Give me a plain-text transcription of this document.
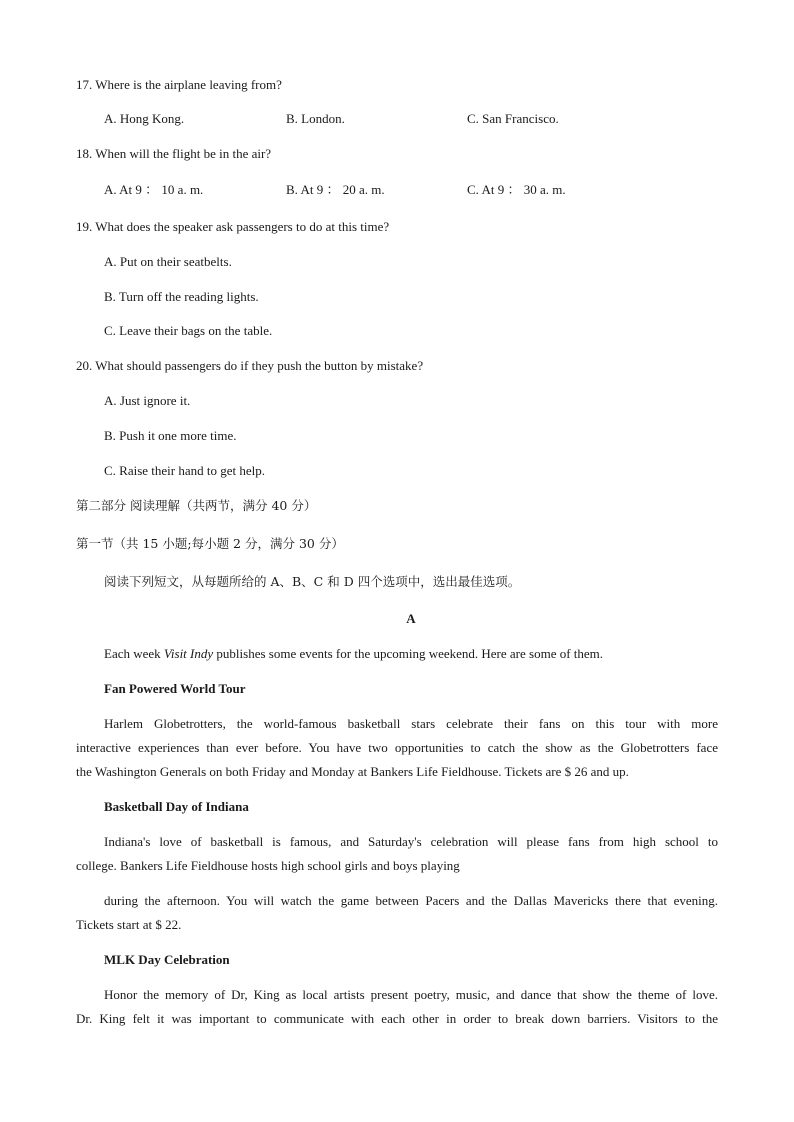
17. Where is the airplane leaving from?
A. Hong Kong.	B. London.	C. San Francisco.
18. When will the flight be in the air?
A. At 9 ： 10 a. m.	B. At 9 ： 20 a. m.	C. At 9 ： 30 a. m.
19. What does the speaker ask passengers to do at this time?
A. Put on their seatbelts.
B. Turn off the reading lights.
C. Leave their bags on the table.
20. What should passengers do if they push the button by mistake?
A. Just ignore it.
B. Push it one more time.
C. Raise their hand to get help.
第二部分 阅读理解（共两节，满分 40 分）
第一节（共 15 小题;每小题 2 分，满分 30 分）
阅读下列短文，从每题所给的 A、B、C 和 D 四个选项中，选出最佳选项。
A
Each week Visit Indy publishes some events for the upcoming weekend. Here are some of them.
Fan Powered World Tour
Harlem Globetrotters, the world-famous basketball stars celebrate their fans on this tour with more
interactive experiences than ever before. You have two opportunities to catch the show as the Globetrotters face
the Washington Generals on both Friday and Monday at Bankers Life Fieldhouse. Tickets are $ 26 and up.
Basketball Day of Indiana
Indiana's love of basketball is famous, and Saturday's celebration will please fans from high school to
college. Bankers Life Fieldhouse hosts high school girls and boys playing
during the afternoon. You will watch the game between Pacers and the Dallas Mavericks there that evening.
Tickets start at $ 22.
MLK Day Celebration
Honor the memory of Dr, King as local artists present poetry, music, and dance that show the theme of love.
Dr. King felt it was important to communicate with each other in order to break down barriers. Visitors to the
